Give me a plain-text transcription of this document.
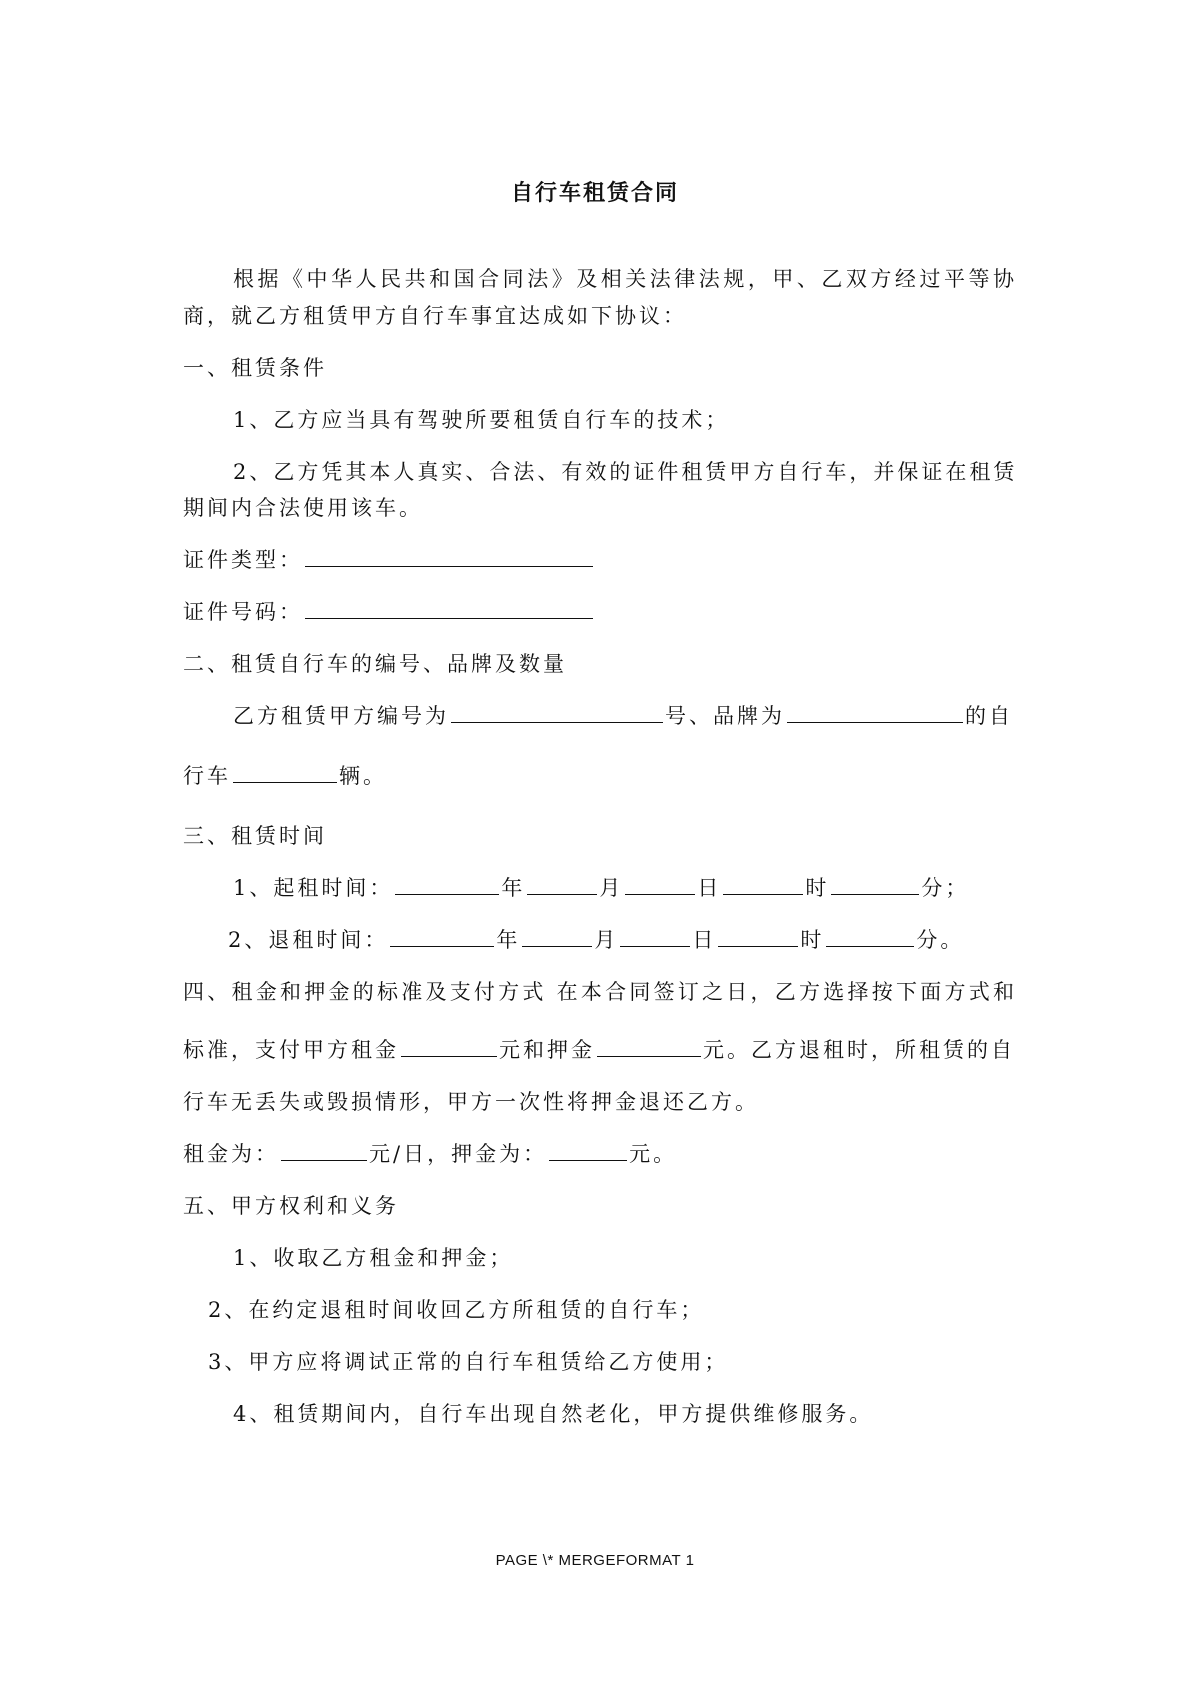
自行车租赁合同
根据《中华人民共和国合同法》及相关法律法规，甲、乙双方经过平等协
商，就乙方租赁甲方自行车事宜达成如下协议：
一、租赁条件
1、乙方应当具有驾驶所要租赁自行车的技术；
2、乙方凭其本人真实、合法、有效的证件租赁甲方自行车，并保证在租赁
期间内合法使用该车。
证件类型：
证件号码：
二、租赁自行车的编号、品牌及数量
乙方租赁甲方编号为	号、品牌为	的自
行车	辆。
三、租赁时间
1、起租时间：	年	月	日	时	分；
2、退租时间：	年	月	日	时	分。
四、租金和押金的标准及支付方式 在本合同签订之日，乙方选择按下面方式和
标准，支付甲方租金	元和押金	元。乙方退租时，所租赁的自
行车无丢失或毁损情形，甲方一次性将押金退还乙方。
租金为：	元/日，押金为：	元。
五、甲方权利和义务
1、收取乙方租金和押金；
2、在约定退租时间收回乙方所租赁的自行车；
3、甲方应将调试正常的自行车租赁给乙方使用；
4、租赁期间内，自行车出现自然老化，甲方提供维修服务。
PAGE \* MERGEFORMAT 1
